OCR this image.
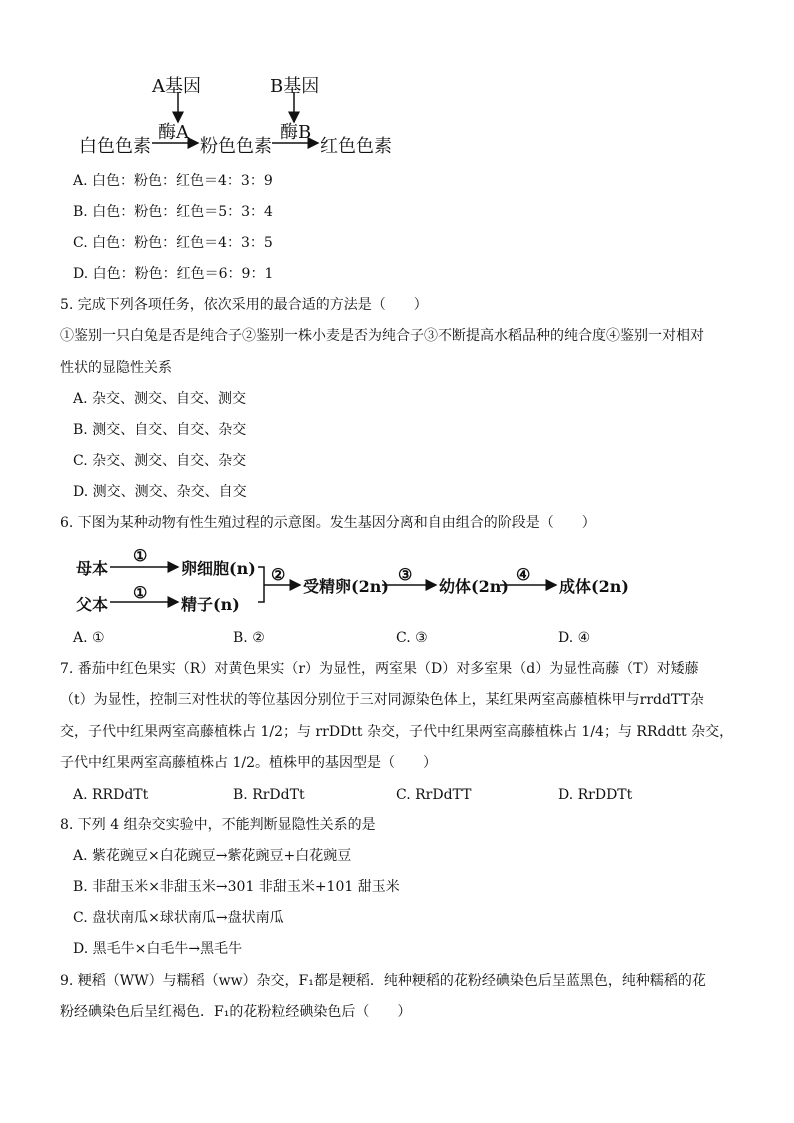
A基因	B基因
酶A	酶B
白色色素	粉色色素	红色色素
A. 白色：粉色：红色＝4：3：9
B. 白色：粉色：红色＝5：3：4
C. 白色：粉色：红色＝4：3：5
D. 白色：粉色：红色＝6：9：1
5. 完成下列各项任务，依次采用的最合适的方法是（　　）
①鉴别一只白兔是否是纯合子②鉴别一株小麦是否为纯合子③不断提高水稻品种的纯合度④鉴别一对相对
性状的显隐性关系
A. 杂交、测交、自交、测交
B. 测交、自交、自交、杂交
C. 杂交、测交、自交、杂交
D. 测交、测交、杂交、自交
6. 下图为某种动物有性生殖过程的示意图。发生基因分离和自由组合的阶段是（　　）
母本
父本
①
①
卵细胞(n)
精子(n)
②
受精卵(2n)
③
幼体(2n)
④
成体(2n)
A. ①	B. ②	C. ③	D. ④
7. 番茄中红色果实（R）对黄色果实（r）为显性，两室果（D）对多室果（d）为显性高藤（T）对矮藤
（t）为显性，控制三对性状的等位基因分别位于三对同源染色体上，某红果两室高藤植株甲与rrddTT杂
交，子代中红果两室高藤植株占 1/2；与 rrDDtt 杂交，子代中红果两室高藤植株占 1/4；与 RRddtt 杂交，
子代中红果两室高藤植株占 1/2。植株甲的基因型是（　　）
A. RRDdTt	B. RrDdTt	C. RrDdTT	D. RrDDTt
8. 下列 4 组杂交实验中，不能判断显隐性关系的是
A. 紫花豌豆×白花豌豆→紫花豌豆+白花豌豆
B. 非甜玉米×非甜玉米→301 非甜玉米+101 甜玉米
C. 盘状南瓜×球状南瓜→盘状南瓜
D. 黑毛牛×白毛牛→黑毛牛
9. 粳稻（WW）与糯稻（ww）杂交，F₁都是粳稻．纯种粳稻的花粉经碘染色后呈蓝黑色，纯种糯稻的花
粉经碘染色后呈红褐色．F₁的花粉粒经碘染色后（　　）
